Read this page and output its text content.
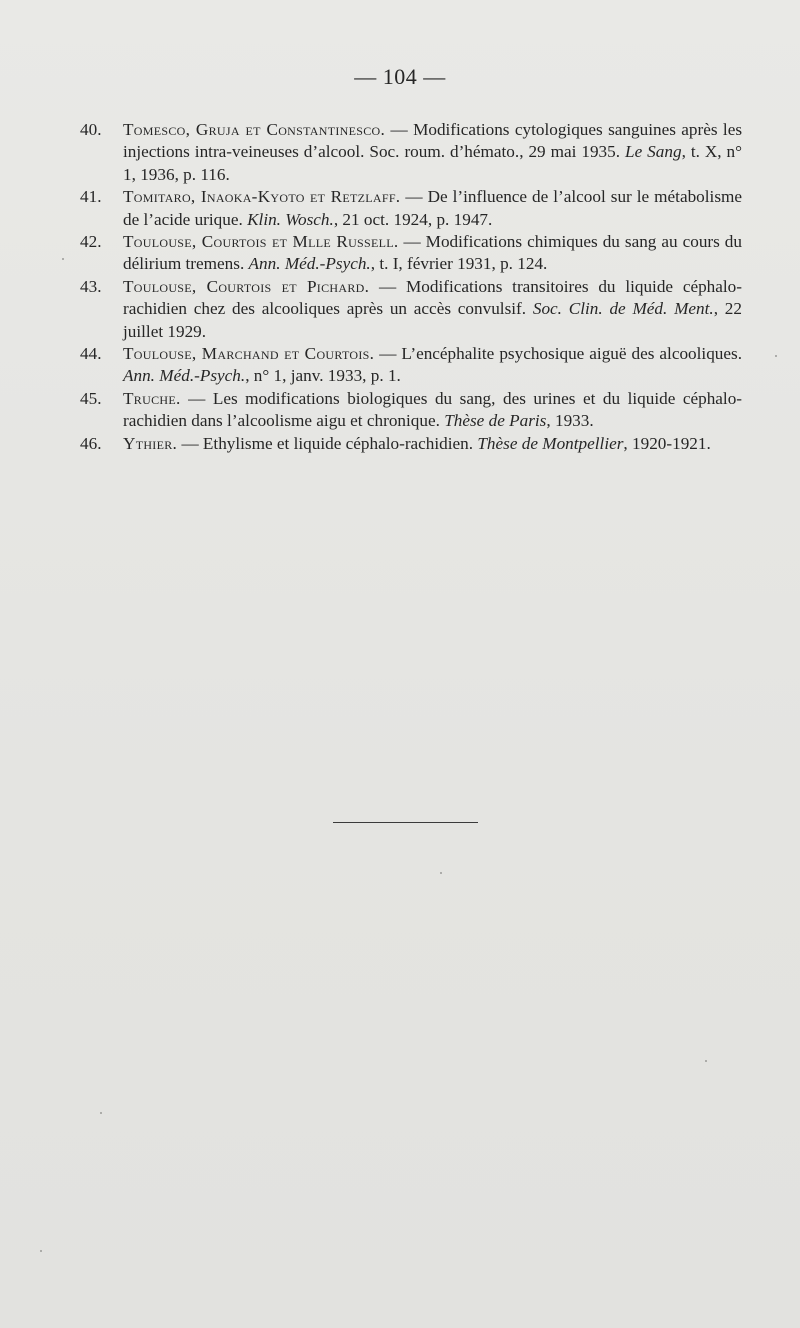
— 104 —
40. Tomesco, Gruja et Constantinesco. — Modifications cytologiques sanguines après les injections intra-veineuses d’alcool. Soc. roum. d’hémato., 29 mai 1935. Le Sang, t. X, n° 1, 1936, p. 116.
41. Tomitaro, Inaoka-Kyoto et Retzlaff. — De l’influence de l’alcool sur le métabolisme de l’acide urique. Klin. Wosch., 21 oct. 1924, p. 1947.
42. Toulouse, Courtois et Mlle Russell. — Modifications chimiques du sang au cours du délirium tremens. Ann. Méd.-Psych., t. I, février 1931, p. 124.
43. Toulouse, Courtois et Pichard. — Modifications transitoires du liquide céphalo-rachidien chez des alcooliques après un accès convulsif. Soc. Clin. de Méd. Ment., 22 juillet 1929.
44. Toulouse, Marchand et Courtois. — L’encéphalite psychosique aiguë des alcooliques. Ann. Méd.-Psych., n° 1, janv. 1933, p. 1.
45. Truche. — Les modifications biologiques du sang, des urines et du liquide céphalo-rachidien dans l’alcoolisme aigu et chronique. Thèse de Paris, 1933.
46. Ythier. — Ethylisme et liquide céphalo-rachidien. Thèse de Montpellier, 1920-1921.
